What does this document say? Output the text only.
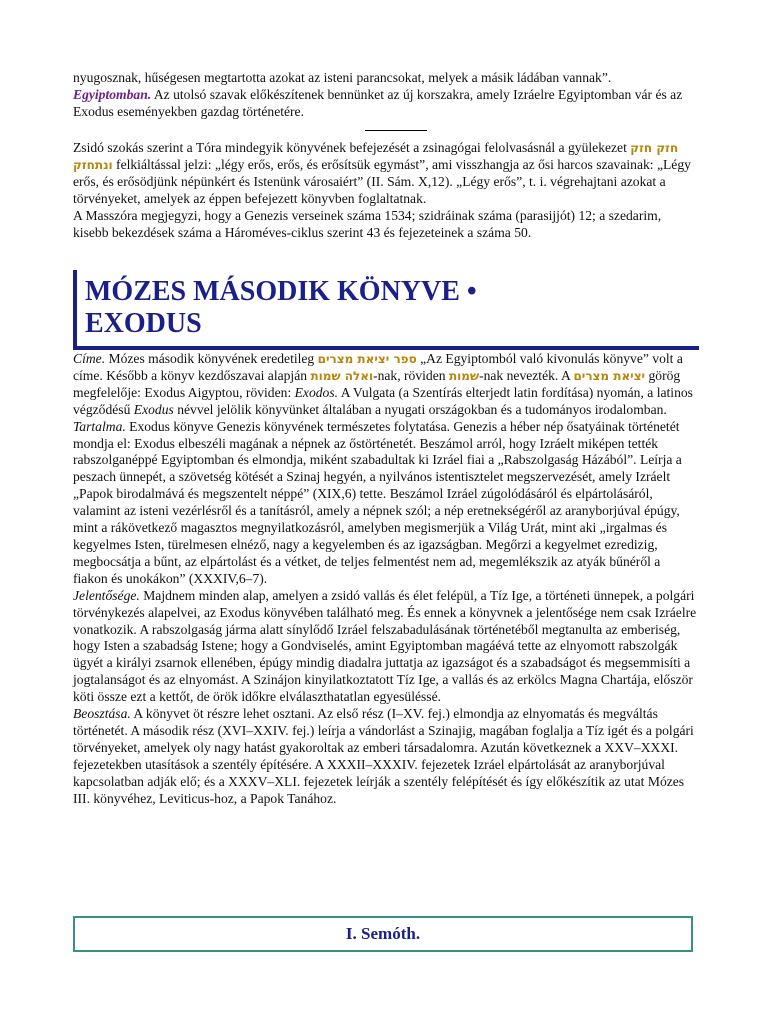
nyugosznak, hűségesen megtartotta azokat az isteni parancsokat, melyek a másik ládában vannak”.
Egyiptomban. Az utolsó szavak előkészítenek bennünket az új korszakra, amely Izráelre Egyiptomban vár és az Exodus eseményekben gazdag történetére.

Zsidó szokás szerint a Tóra mindegyik könyvének befejezését a zsinagógai felolvasásnál a gyülekezet חזק חזק ונתחזק felkiáltással jelzi: „légy erős, erős, és erősítsük egymást”, ami visszhangja az ősi harcos szavainak: „Légy erős, és erősödjünk népünkért és Istenünk városaiért” (II. Sám. X,12). „Légy erős”, t. i. végrehajtani azokat a törvényeket, amelyek az éppen befejezett könyvben foglaltatnak.

A Masszóra megjegyzi, hogy a Genezis verseinek száma 1534; szidráinak száma (parasijjót) 12; a szedarim, kisebb bekezdések száma a Hároméves-ciklus szerint 43 és fejezeteinek a száma 50.

MÓZES MÁSODIK KÖNYVE •
EXODUS

Címe. Mózes második könyvének eredetileg ספר יציאת מצרים „Az Egyiptomból való kivonulás könyve” volt a címe. Később a könyv kezdőszavai alapján ואלה שמות-nak, röviden שמות-nak nevezték. A יציאת מצרים görög megfelelője: Exodus Aigyptou, röviden: Exodos. A Vulgata (a Szentírás elterjedt latin fordítása) nyomán, a latinos végződésű Exodus névvel jelölik könyvünket általában a nyugati országokban és a tudományos irodalomban.

Tartalma. Exodus könyve Genezis könyvének természetes folytatása. Genezis a héber nép ősatyáinak történetét mondja el: Exodus elbeszéli magának a népnek az őstörténetét. Beszámol arról, hogy Izráelt miképen tették rabszolganéppé Egyiptomban és elmondja, miként szabadultak ki Izráel fiai a „Rabszolgaság Házából”. Leírja a peszach ünnepét, a szövetség kötését a Szinaj hegyén, a nyilvános istentisztelet megszervezését, amely Izráelt „Papok birodalmává és megszentelt néppé” (XIX,6) tette. Beszámol Izráel zúgolódásáról és elpártolásáról, valamint az isteni vezérlésről és a tanításról, amely a népnek szól; a nép eretnekségéről az aranyborjúval épúgy, mint a rákövetkező magasztos megnyilatkozásról, amelyben megismerjük a Világ Urát, mint aki „irgalmas és kegyelmes Isten, türelmesen elnéző, nagy a kegyelemben és az igazságban. Megőrzi a kegyelmet ezredizig, megbocsátja a bűnt, az elpártolást és a vétket, de teljes felmentést nem ad, megemlékszik az atyák bűnéről a fiakon és unokákon” (XXXIV,6–7).

Jelentősége. Majdnem minden alap, amelyen a zsidó vallás és élet felépül, a Tíz Ige, a történeti ünnepek, a polgári törvénykezés alapelvei, az Exodus könyvében található meg. És ennek a könyvnek a jelentősége nem csak Izráelre vonatkozik. A rabszolgaság járma alatt sínylődő Izráel felszabadulásának történetéből megtanulta az emberiség, hogy Isten a szabadság Istene; hogy a Gondviselés, amint Egyiptomban magáévá tette az elnyomott rabszolgák ügyét a királyi zsarnok ellenében, épúgy mindig diadalra juttatja az igazságot és a szabadságot és megsemmisíti a jogtalanságot és az elnyomást. A Szinájon kinyilatkoztatott Tíz Ige, a vallás és az erkölcs Magna Chartája, először köti össze ezt a kettőt, de örök időkre elválaszthatatlan egyesüléssé.

Beosztása. A könyvet öt részre lehet osztani. Az első rész (I–XV. fej.) elmondja az elnyomatás és megváltás történetét. A második rész (XVI–XXIV. fej.) leírja a vándorlást a Szinajig, magában foglalja a Tíz igét és a polgári törvényeket, amelyek oly nagy hatást gyakoroltak az emberi társadalomra. Azután következnek a XXV–XXXI. fejezetekben utasítások a szentély építésére. A XXXII–XXXIV. fejezetek Izráel elpártolását az aranyborjúval kapcsolatban adják elő; és a XXXV–XLI. fejezetek leírják a szentély felépítését és így előkészítik az utat Mózes III. könyvéhez, Leviticus-hoz, a Papok Tanához.

I. Semóth.
